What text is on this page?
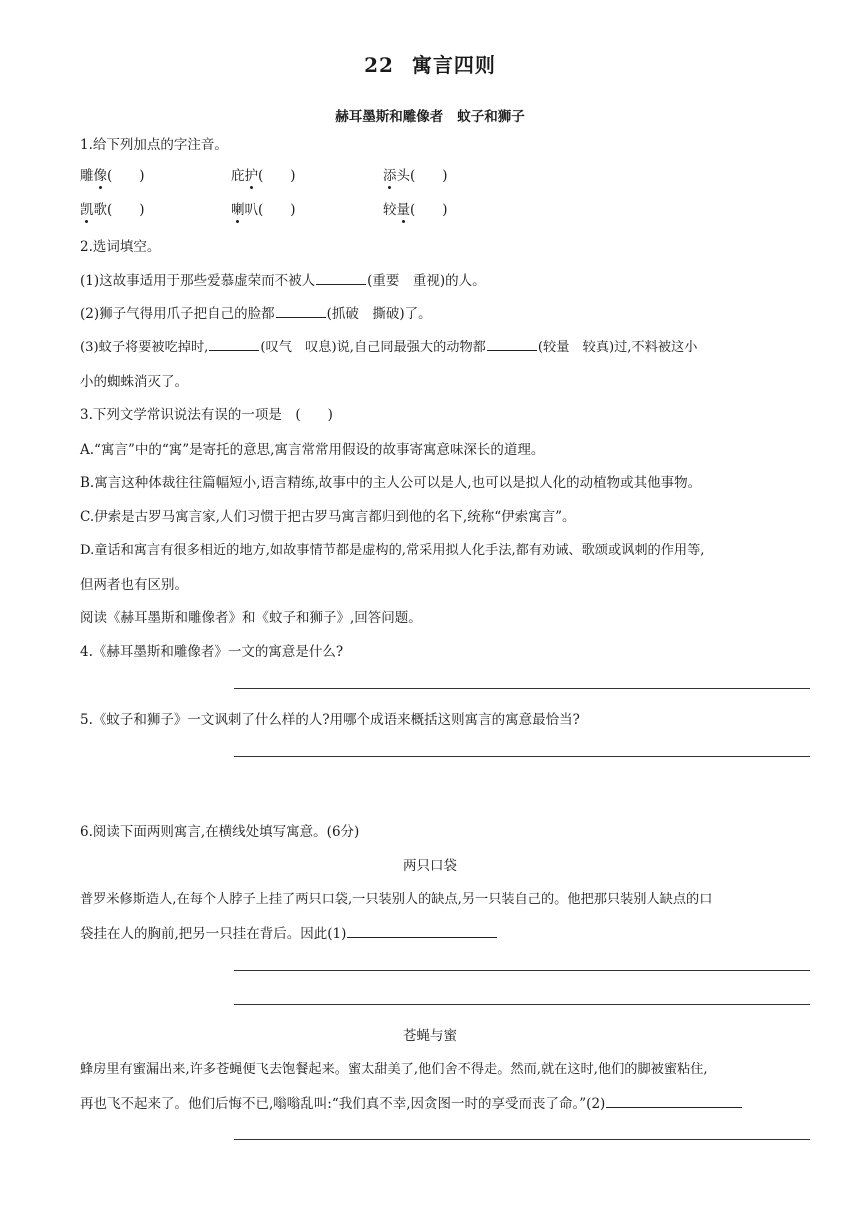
22 寓言四则
赫耳墨斯和雕像者 蚊子和狮子
1.给下列加点的字注音。
雕像(　　)	庇护(　　)	添头(　　)
凯歌(　　)	喇叭(　　)	较量(　　)
2.选词填空。
(1)这故事适用于那些爱慕虚荣而不被人	(重要　重视)的人。
(2)狮子气得用爪子把自己的脸都	(抓破　撕破)了。
(3)蚊子将要被吃掉时,	(叹气　叹息)说,自己同最强大的动物都	(较量　较真)过,不料被这小
小的蜘蛛消灭了。
3.下列文学常识说法有误的一项是　(　　)
A.“寓言”中的“寓”是寄托的意思,寓言常常用假设的故事寄寓意味深长的道理。
B.寓言这种体裁往往篇幅短小,语言精练,故事中的主人公可以是人,也可以是拟人化的动植物或其他事物。
C.伊索是古罗马寓言家,人们习惯于把古罗马寓言都归到他的名下,统称“伊索寓言”。
D.童话和寓言有很多相近的地方,如故事情节都是虚构的,常采用拟人化手法,都有劝诫、歌颂或讽刺的作用等,
但两者也有区别。
阅读《赫耳墨斯和雕像者》和《蚊子和狮子》,回答问题。
4.《赫耳墨斯和雕像者》一文的寓意是什么?
5.《蚊子和狮子》一文讽刺了什么样的人?用哪个成语来概括这则寓言的寓意最恰当?
6.阅读下面两则寓言,在横线处填写寓意。(6分)
两只口袋
普罗米修斯造人,在每个人脖子上挂了两只口袋,一只装别人的缺点,另一只装自己的。他把那只装别人缺点的口
袋挂在人的胸前,把另一只挂在背后。因此(1)
苍蝇与蜜
蜂房里有蜜漏出来,许多苍蝇便飞去饱餐起来。蜜太甜美了,他们舍不得走。然而,就在这时,他们的脚被蜜粘住,
再也飞不起来了。他们后悔不已,嗡嗡乱叫:“我们真不幸,因贪图一时的享受而丧了命。”(2)
